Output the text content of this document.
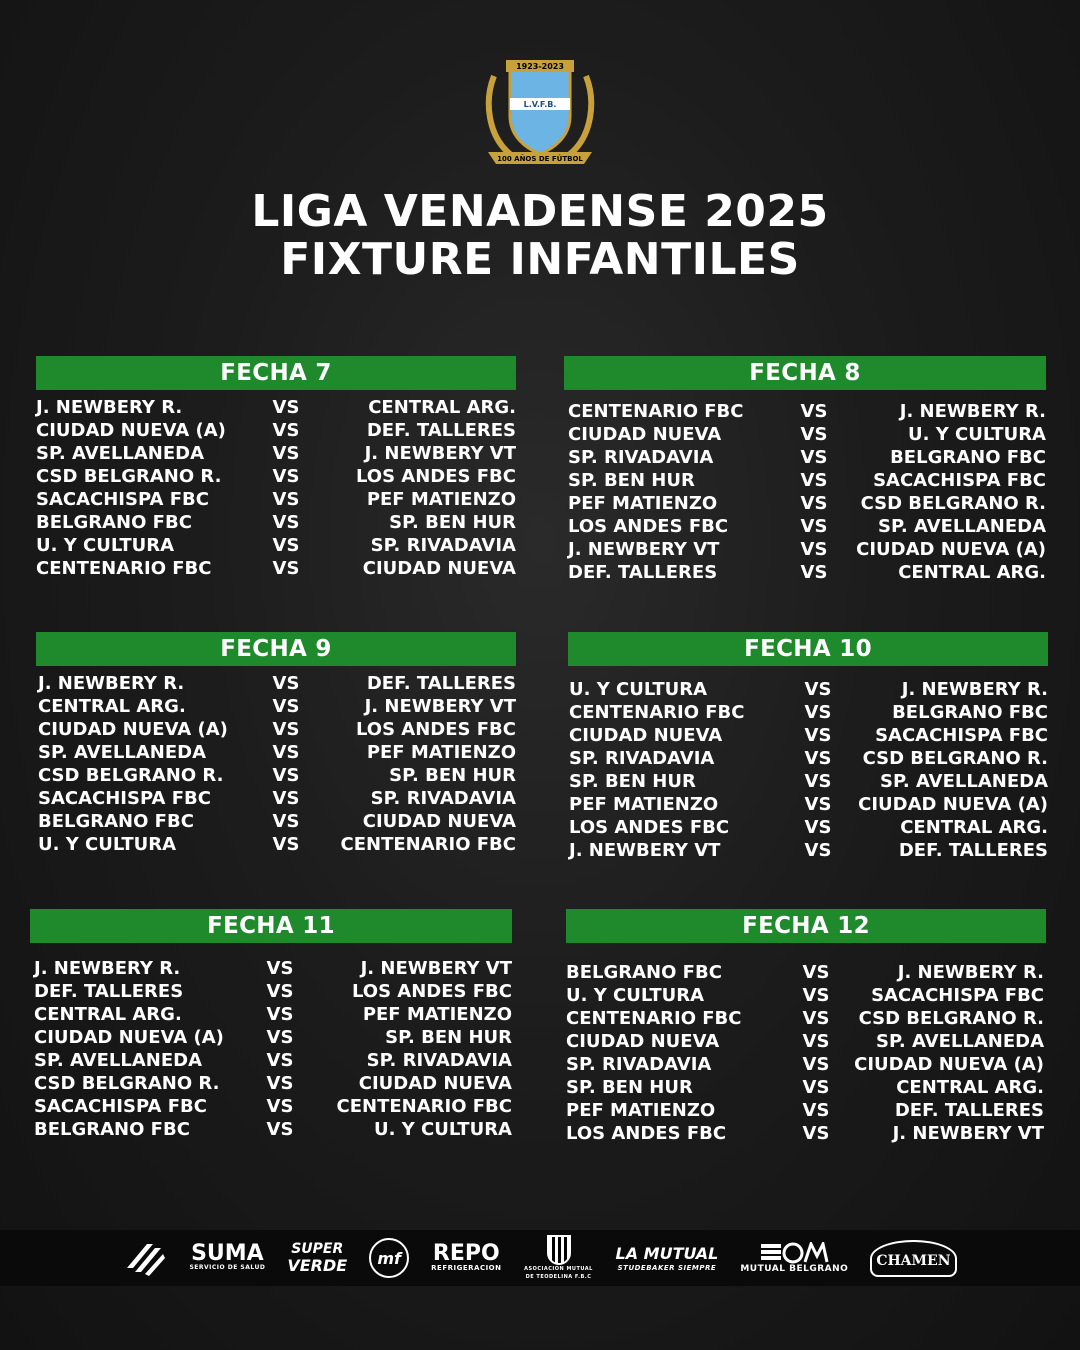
1923-2023
L.V.F.B.
100 AÑOS DE FÚTBOL
LIGA VENADENSE 2025
FIXTURE INFANTILES
FECHA 7
J. NEWBERY R.	VS	CENTRAL ARG.
CIUDAD NUEVA (A)	VS	DEF. TALLERES
SP. AVELLANEDA	VS	J. NEWBERY VT
CSD BELGRANO R.	VS	LOS ANDES FBC
SACACHISPA FBC	VS	PEF MATIENZO
BELGRANO FBC	VS	SP. BEN HUR
U. Y CULTURA	VS	SP. RIVADAVIA
CENTENARIO FBC	VS	CIUDAD NUEVA
FECHA 8
CENTENARIO FBC	VS	J. NEWBERY R.
CIUDAD NUEVA	VS	U. Y CULTURA
SP. RIVADAVIA	VS	BELGRANO FBC
SP. BEN HUR	VS	SACACHISPA FBC
PEF MATIENZO	VS	CSD BELGRANO R.
LOS ANDES FBC	VS	SP. AVELLANEDA
J. NEWBERY VT	VS	CIUDAD NUEVA (A)
DEF. TALLERES	VS	CENTRAL ARG.
FECHA 9
J. NEWBERY R.	VS	DEF. TALLERES
CENTRAL ARG.	VS	J. NEWBERY VT
CIUDAD NUEVA (A)	VS	LOS ANDES FBC
SP. AVELLANEDA	VS	PEF MATIENZO
CSD BELGRANO R.	VS	SP. BEN HUR
SACACHISPA FBC	VS	SP. RIVADAVIA
BELGRANO FBC	VS	CIUDAD NUEVA
U. Y CULTURA	VS	CENTENARIO FBC
FECHA 10
U. Y CULTURA	VS	J. NEWBERY R.
CENTENARIO FBC	VS	BELGRANO FBC
CIUDAD NUEVA	VS	SACACHISPA FBC
SP. RIVADAVIA	VS	CSD BELGRANO R.
SP. BEN HUR	VS	SP. AVELLANEDA
PEF MATIENZO	VS	CIUDAD NUEVA (A)
LOS ANDES FBC	VS	CENTRAL ARG.
J. NEWBERY VT	VS	DEF. TALLERES
FECHA 11
J. NEWBERY R.	VS	J. NEWBERY VT
DEF. TALLERES	VS	LOS ANDES FBC
CENTRAL ARG.	VS	PEF MATIENZO
CIUDAD NUEVA (A)	VS	SP. BEN HUR
SP. AVELLANEDA	VS	SP. RIVADAVIA
CSD BELGRANO R.	VS	CIUDAD NUEVA
SACACHISPA FBC	VS	CENTENARIO FBC
BELGRANO FBC	VS	U. Y CULTURA
FECHA 12
BELGRANO FBC	VS	J. NEWBERY R.
U. Y CULTURA	VS	SACACHISPA FBC
CENTENARIO FBC	VS	CSD BELGRANO R.
CIUDAD NUEVA	VS	SP. AVELLANEDA
SP. RIVADAVIA	VS	CIUDAD NUEVA (A)
SP. BEN HUR	VS	CENTRAL ARG.
PEF MATIENZO	VS	DEF. TALLERES
LOS ANDES FBC	VS	J. NEWBERY VT
SUMA
SERVICIO DE SALUD
SUPER
VERDE	mf	REPO
REFRIGERACION	ASOCIACION MUTUAL DE TEODELINA F.B.C
LA MUTUAL
STUDEBAKER SIEMPRE	MUTUAL BELGRANO	CHAMEN
